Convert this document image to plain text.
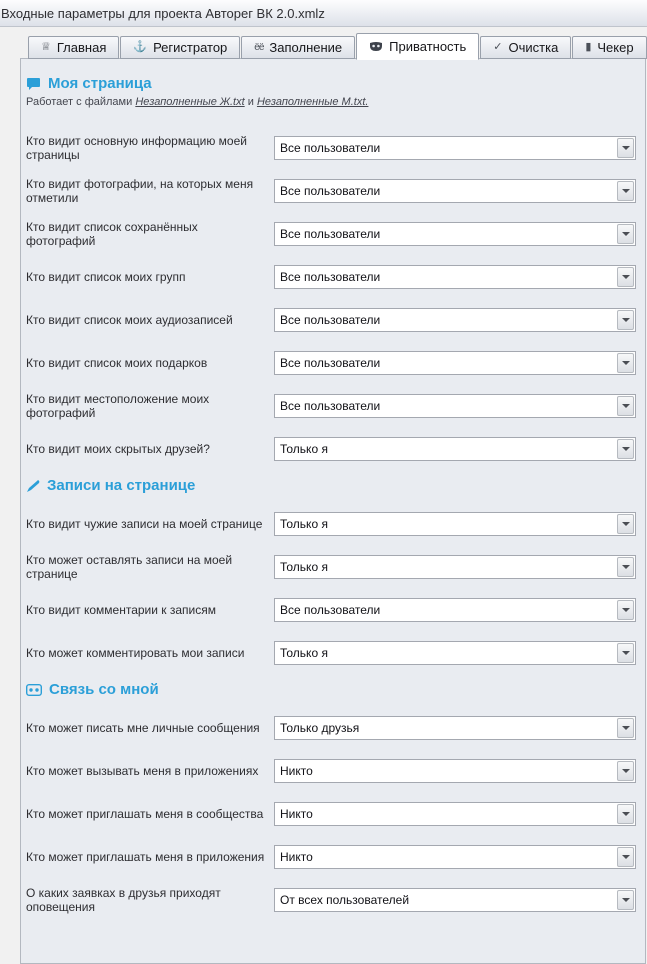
Входные параметры для проекта Авторег ВК 2.0.xmlz
♕ Главная ⚓ Регистратор	ёё Заполнение	Приватность ✓ Очистка ▮ Чекер
Моя страница
Работает с файлами Незаполненные Ж.txt и Незаполненные М.txt.
Кто видит основную информацию моей страницы	Все пользователи
Кто видит фотографии, на которых меня отметили	Все пользователи
Кто видит список сохранённых фотографий	Все пользователи
Кто видит список моих групп	Все пользователи
Кто видит список моих аудиозаписей	Все пользователи
Кто видит список моих подарков	Все пользователи
Кто видит местоположение моих фотографий	Все пользователи
Кто видит моих скрытых друзей?	Только я
Записи на странице
Кто видит чужие записи на моей странице	Только я
Кто может оставлять записи на моей странице	Только я
Кто видит комментарии к записям	Все пользователи
Кто может комментировать мои записи	Только я
Связь со мной
Кто может писать мне личные сообщения	Только друзья
Кто может вызывать меня в приложениях	Никто
Кто может приглашать меня в сообщества	Никто
Кто может приглашать меня в приложения	Никто
О каких заявках в друзья приходят оповещения	От всех пользователей
